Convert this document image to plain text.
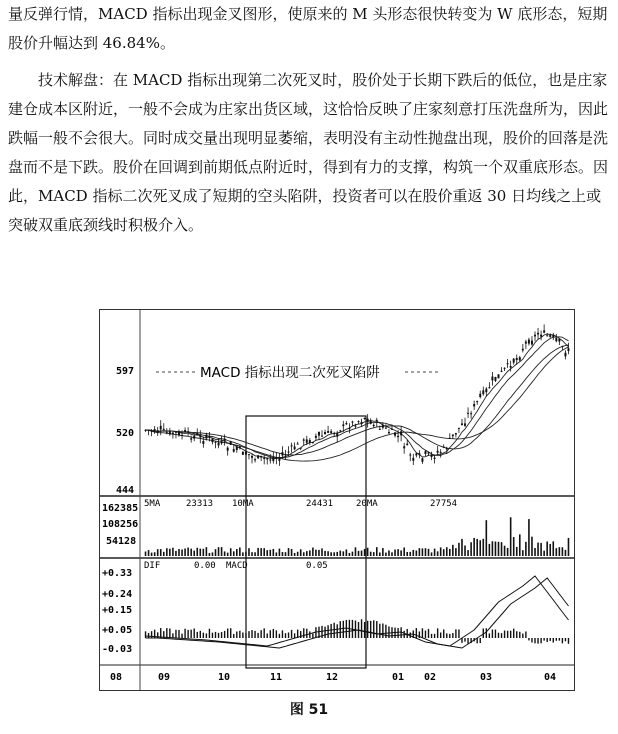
量反弹行情，MACD 指标出现金叉图形，使原来的 M 头形态很快转变为 W 底形态，短期股价升幅达到 46.84%。

技术解盘：在 MACD 指标出现第二次死叉时，股价处于长期下跌后的低位，也是庄家建仓成本区附近，一般不会成为庄家出货区域，这恰恰反映了庄家刻意打压洗盘所为，因此跌幅一般不会很大。同时成交量出现明显萎缩，表明没有主动性抛盘出现，股价的回落是洗盘而不是下跌。股价在回调到前期低点附近时，得到有力的支撑，构筑一个双重底形态。因此，MACD 指标二次死叉成了短期的空头陷阱，投资者可以在股价重返 30 日均线之上或突破双重底颈线时积极介入。

MACD 指标出现二次死叉陷阱
597
520
444
162385
108256
54128
5MA	23313 10MA	24431	20MA	27754
+0.33
+0.24
+0.15
+0.05
-0.03
DIF	0.00 MACD	0.05
08	09	10	11	12	01 02	03	04
图 51
